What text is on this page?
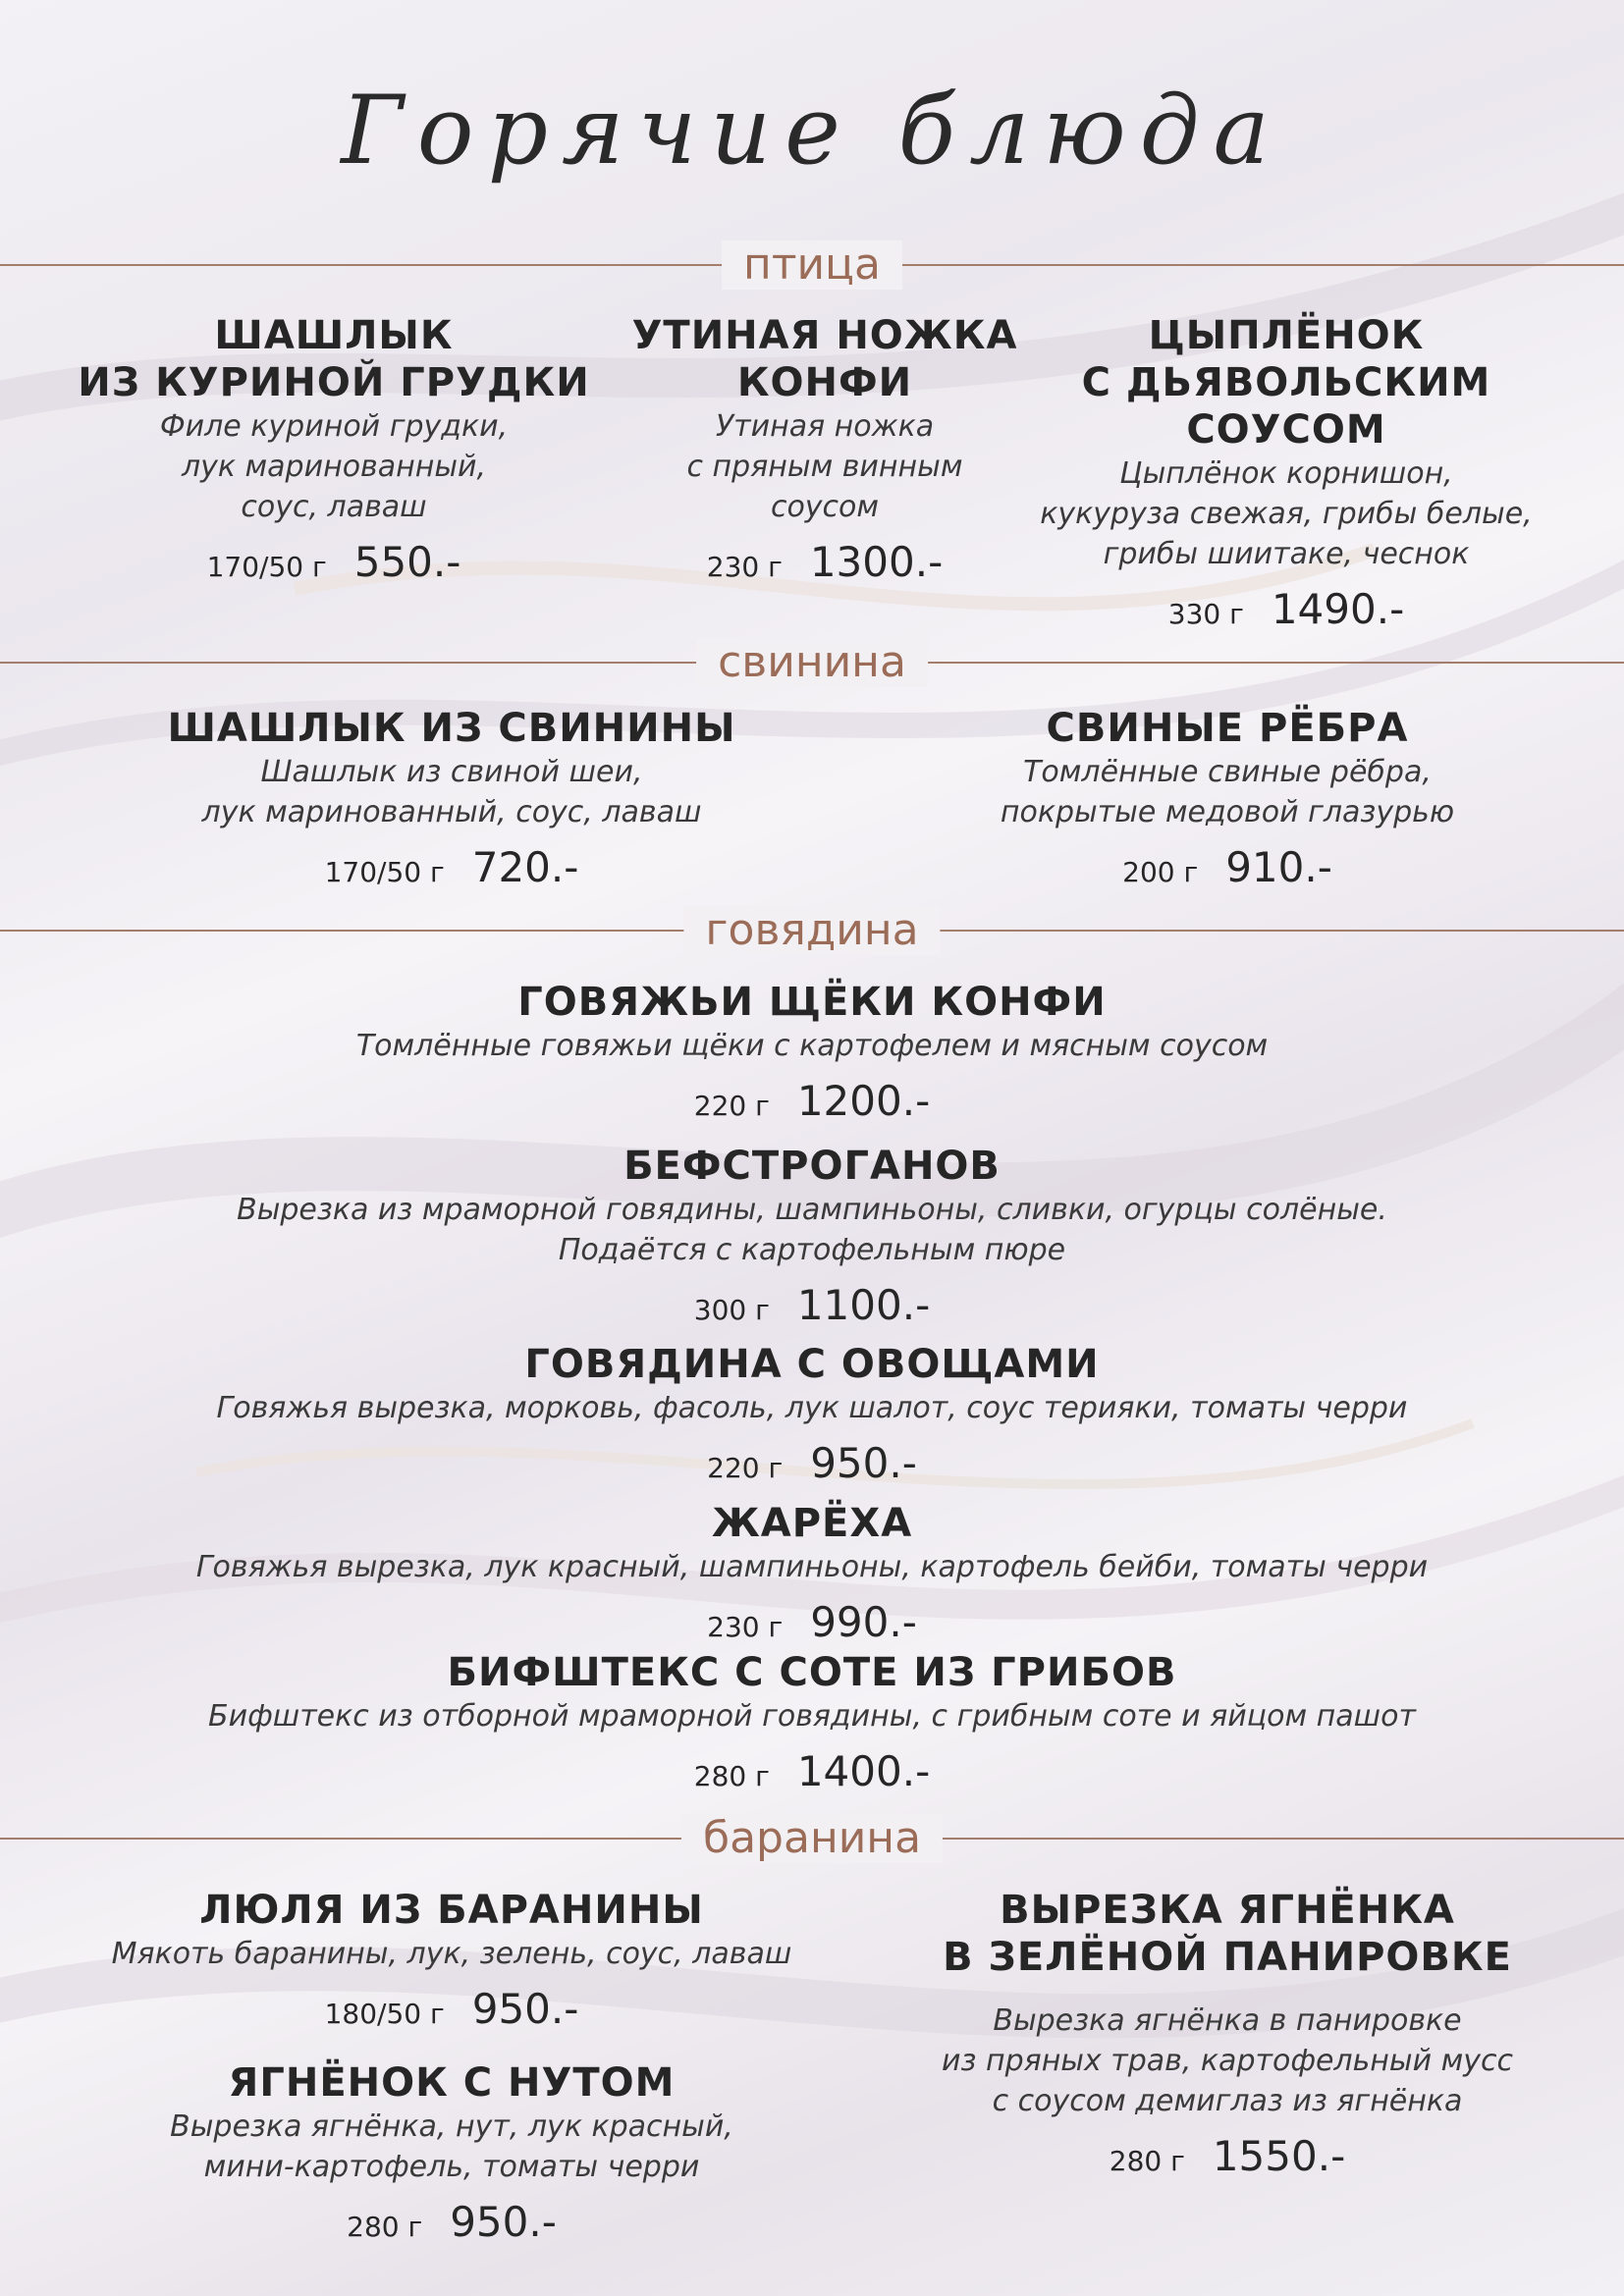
Горячие блюда
птица
ШАШЛЫК
ИЗ КУРИНОЙ ГРУДКИ
Филе куриной грудки,
лук маринованный,
соус, лаваш
170/50 г 550.-
УТИНАЯ НОЖКА
КОНФИ
Утиная ножка
с пряным винным
соусом
230 г 1300.-
ЦЫПЛЁНОК
С ДЬЯВОЛЬСКИМ
СОУСОМ
Цыплёнок корнишон,
кукуруза свежая, грибы белые,
грибы шиитаке, чеснок
330 г 1490.-
свинина
ШАШЛЫК ИЗ СВИНИНЫ
Шашлык из свиной шеи,
лук маринованный, соус, лаваш
170/50 г 720.-
СВИНЫЕ РЁБРА
Томлённые свиные рёбра,
покрытые медовой глазурью
200 г 910.-
говядина
ГОВЯЖЬИ ЩЁКИ КОНФИ
Томлённые говяжьи щёки с картофелем и мясным соусом
220 г 1200.-
БЕФСТРОГАНОВ
Вырезка из мраморной говядины, шампиньоны, сливки, огурцы солёные.
Подаётся с картофельным пюре
300 г 1100.-
ГОВЯДИНА С ОВОЩАМИ
Говяжья вырезка, морковь, фасоль, лук шалот, соус терияки, томаты черри
220 г 950.-
ЖАРЁХА
Говяжья вырезка, лук красный, шампиньоны, картофель бейби, томаты черри
230 г 990.-
БИФШТЕКС С СОТЕ ИЗ ГРИБОВ
Бифштекс из отборной мраморной говядины, с грибным соте и яйцом пашот
280 г 1400.-
баранина
ЛЮЛЯ ИЗ БАРАНИНЫ
Мякоть баранины, лук, зелень, соус, лаваш
180/50 г 950.-
ЯГНЁНОК С НУТОМ
Вырезка ягнёнка, нут, лук красный,
мини-картофель, томаты черри
280 г 950.-
ВЫРЕЗКА ЯГНЁНКА
В ЗЕЛЁНОЙ ПАНИРОВКЕ
Вырезка ягнёнка в панировке
из пряных трав, картофельный мусс
с соусом демиглаз из ягнёнка
280 г 1550.-
